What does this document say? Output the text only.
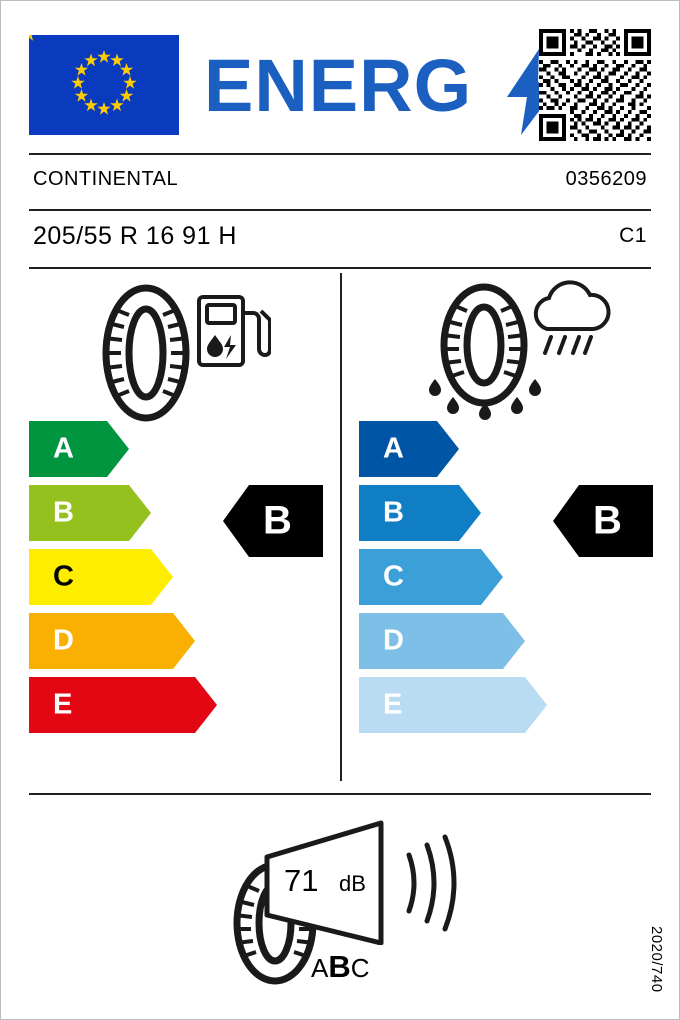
ENERG
CONTINENTAL	0356209
205/55 R 16 91 H	C1
A
B
C
D
E
B
A
B
C
D
E
B
71 dB
ABC	2020/740
